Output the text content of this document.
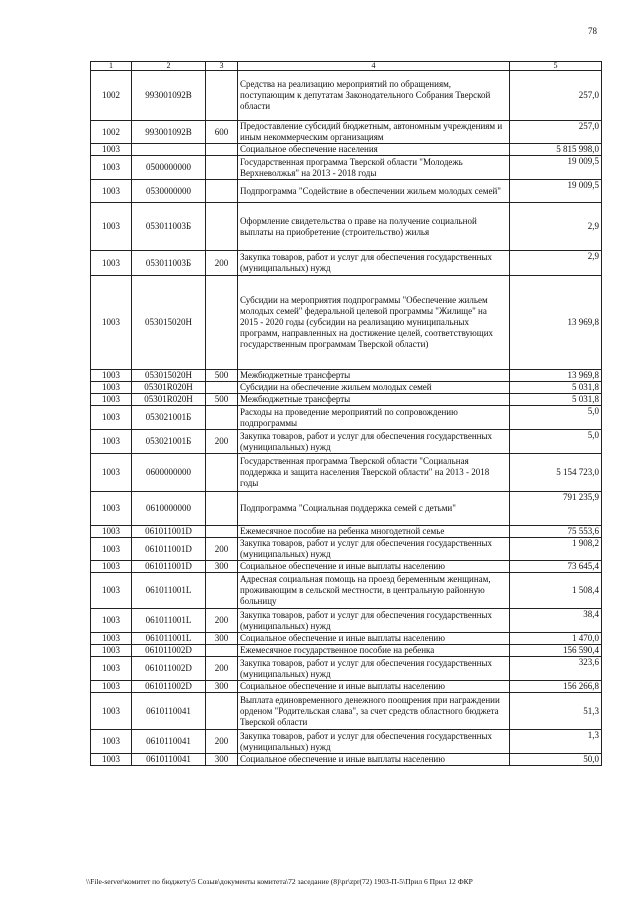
78
1	2	3	4	5
1002	993001092В		Средства на реализацию мероприятий по обращениям, поступающим к депутатам Законодательного Собрания Тверской области	257,0
1002	993001092В	600	Предоставление субсидий бюджетным, автономным учреждениям и иным некоммерческим организациям	257,0
1003			Социальное обеспечение населения	5 815 998,0
1003	0500000000		Государственная программа Тверской области "Молодежь Верхневолжья" на 2013 - 2018 годы	19 009,5
1003	0530000000		Подпрограмма "Содействие в обеспечении жильем молодых семей"	19 009,5
1003	053011003Б		Оформление свидетельства о праве на получение социальной выплаты на приобретение (строительство) жилья	2,9
1003	053011003Б	200	Закупка товаров, работ и услуг для обеспечения государственных (муниципальных) нужд	2,9
1003	053015020Н		Субсидии на мероприятия подпрограммы "Обеспечение жильем молодых семей" федеральной целевой программы "Жилище" на 2015 - 2020 годы (субсидии на реализацию муниципальных программ, направленных на достижение целей, соответствующих государственным программам Тверской области)	13 969,8
1003	053015020Н	500	Межбюджетные трансферты	13 969,8
1003	05301R020Н		Субсидии на обеспечение жильем молодых семей	5 031,8
1003	05301R020Н	500	Межбюджетные трансферты	5 031,8
1003	053021001Б		Расходы на проведение мероприятий по сопровождению подпрограммы	5,0
1003	053021001Б	200	Закупка товаров, работ и услуг для обеспечения государственных (муниципальных) нужд	5,0
1003	0600000000		Государственная программа Тверской области "Социальная поддержка и защита населения Тверской области" на 2013 - 2018 годы	5 154 723,0
1003	0610000000		Подпрограмма "Социальная поддержка семей с детьми"	791 235,9
1003	061011001D		Ежемесячное пособие на ребенка многодетной семье	75 553,6
1003	061011001D	200	Закупка товаров, работ и услуг для обеспечения государственных (муниципальных) нужд	1 908,2
1003	061011001D	300	Социальное обеспечение и иные выплаты населению	73 645,4
1003	061011001L		Адресная социальная помощь на проезд беременным женщинам, проживающим в сельской местности, в центральную районную больницу	1 508,4
1003	061011001L	200	Закупка товаров, работ и услуг для обеспечения государственных (муниципальных) нужд	38,4
1003	061011001L	300	Социальное обеспечение и иные выплаты населению	1 470,0
1003	061011002D		Ежемесячное государственное пособие на ребенка	156 590,4
1003	061011002D	200	Закупка товаров, работ и услуг для обеспечения государственных (муниципальных) нужд	323,6
1003	061011002D	300	Социальное обеспечение и иные выплаты населению	156 266,8
1003	0610110041		Выплата единовременного денежного поощрения при награждении орденом "Родительская слава", за счет средств областного бюджета Тверской области	51,3
1003	0610110041	200	Закупка товаров, работ и услуг для обеспечения государственных (муниципальных) нужд	1,3
1003	0610110041	300	Социальное обеспечение и иные выплаты населению	50,0
\\File-server\комитет по бюджету\5 Созыв\документы комитета\72 заседание (8)\pr\zpr(72) 1903-П-5\Прил 6 Прил 12 ФКР
